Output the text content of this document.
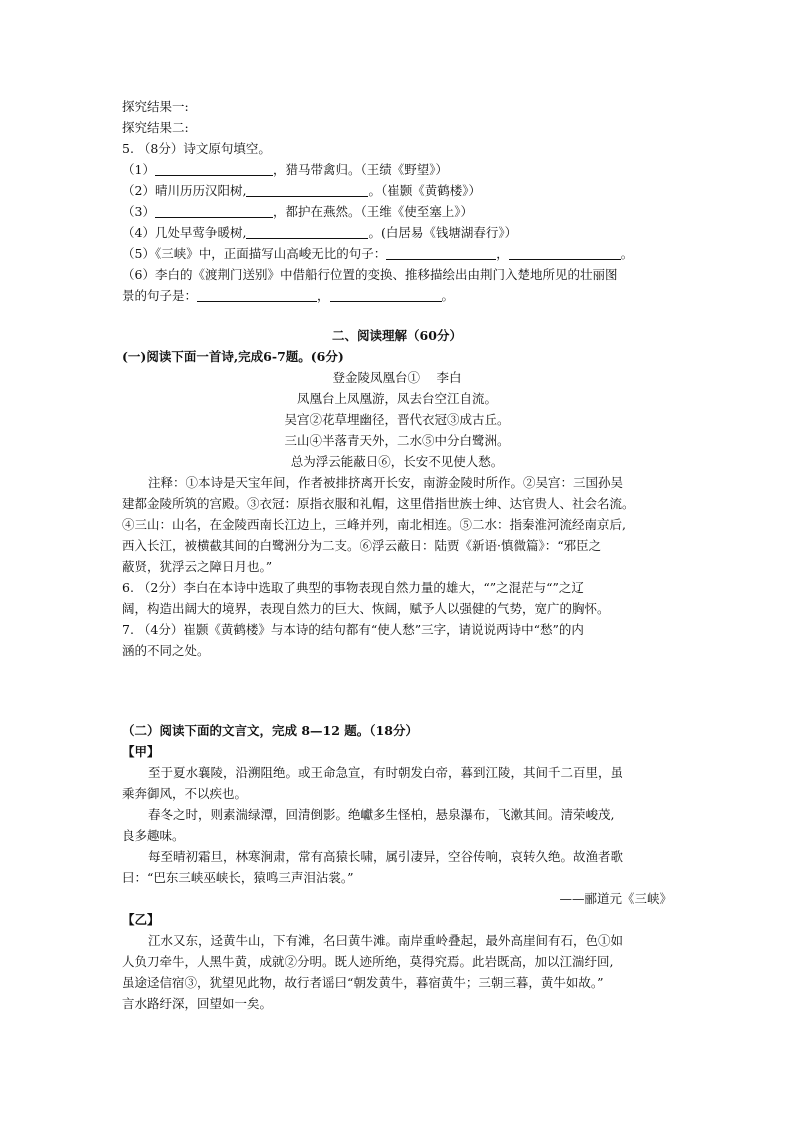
探究结果一:
探究结果二:
5. （8分）诗文原句填空。
（1）	，猎马带禽归。（王绩《野望》）
（2）晴川历历汉阳树,	。（崔颢《黄鹤楼》）
（3）	，都护在燕然。（王维《使至塞上》）
（4）几处早莺争暖树,	。(白居易《钱塘湖春行》）
（5）《三峡》中，正面描写山高峻无比的句子：	，	。
（6）李白的《渡荆门送别》中借船行位置的变换、推移描绘出由荆门入楚地所见的壮丽图
景的句子是：	，	。
二、阅读理解（60分）
(一)阅读下面一首诗,完成6-7题。(6分)
登金陵凤凰台①　 李白
凤凰台上凤凰游，凤去台空江自流。
吴宫②花草埋幽径，晋代衣冠③成古丘。
三山④半落青天外，二水⑤中分白鹭洲。
总为浮云能蔽日⑥，长安不见使人愁。
注释：①本诗是天宝年间，作者被排挤离开长安，南游金陵时所作。②吴宫：三国孙吴
建都金陵所筑的宫殿。③衣冠：原指衣服和礼帽，这里借指世族士绅、达官贵人、社会名流。
④三山：山名，在金陵西南长江边上，三峰并列，南北相连。⑤二水：指秦淮河流经南京后,
西入长江，被横截其间的白鹭洲分为二支。⑥浮云蔽日：陆贾《新语·慎微篇》：“邪臣之
蔽贤，犹浮云之障日月也。”
6. （2分）李白在本诗中选取了典型的事物表现自然力量的雄大，“”之混茫与“”之辽
阔，构造出阔大的境界，表现自然力的巨大、恢阔，赋予人以强健的气势，宽广的胸怀。
7. （4分）崔颢《黄鹤楼》与本诗的结句都有“使人愁”三字，请说说两诗中“愁”的内
涵的不同之处。
（二）阅读下面的文言文，完成 8—12 题。（18分）
【甲】
至于夏水襄陵，沿溯阻绝。或王命急宣，有时朝发白帝，暮到江陵，其间千二百里，虽
乘奔御风，不以疾也。
春冬之时，则素湍绿潭，回清倒影。绝巘多生怪柏，悬泉瀑布，飞漱其间。清荣峻茂,
良多趣味。
每至晴初霜旦，林寒涧肃，常有高猿长啸，属引凄异，空谷传响，哀转久绝。故渔者歌
曰：“巴东三峡巫峡长，猿鸣三声泪沾裳。”
——郦道元《三峡》
【乙】
江水又东，迳黄牛山，下有滩，名曰黄牛滩。南岸重岭叠起，最外高崖间有石，色①如
人负刀牵牛，人黑牛黄，成就②分明。既人迹所绝，莫得究焉。此岩既高，加以江湍纡回,
虽途迳信宿③，犹望见此物，故行者谣曰“朝发黄牛，暮宿黄牛；三朝三暮，黄牛如故。”
言水路纡深，回望如一矣。
